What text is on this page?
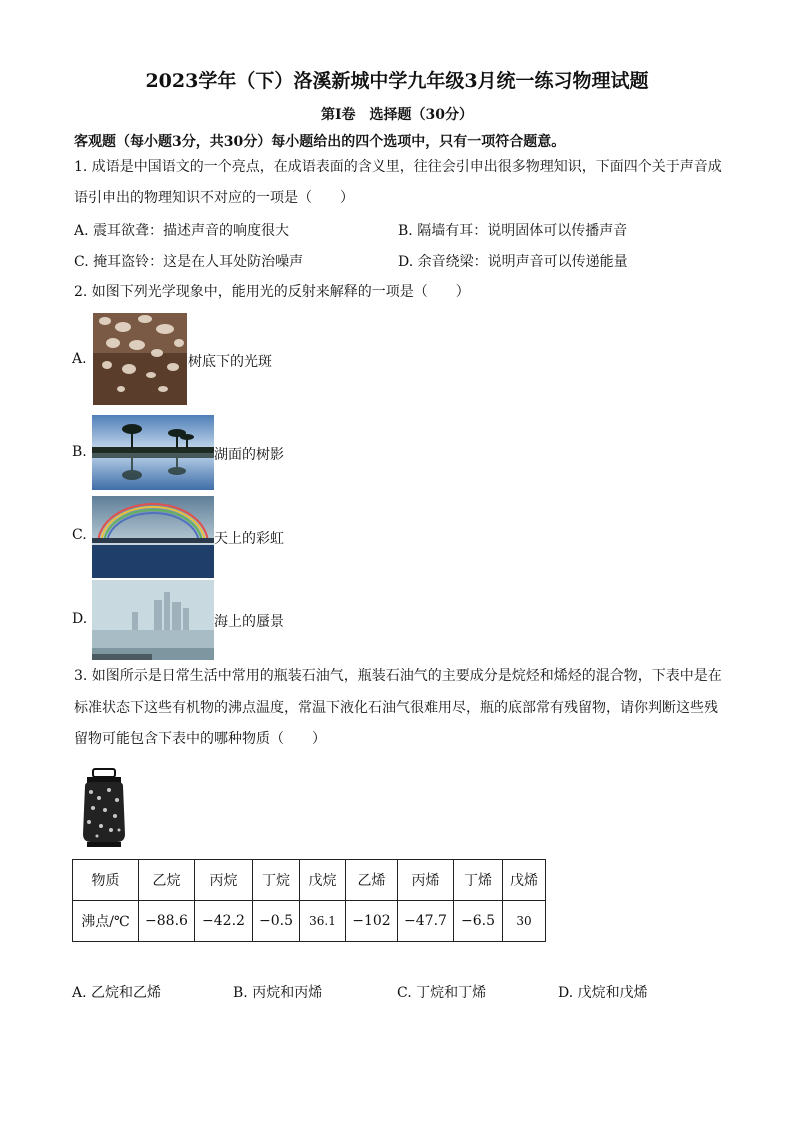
2023学年（下）洛溪新城中学九年级3月统一练习物理试题
第Ⅰ卷　选择题（30分）
客观题（每小题3分，共30分）每小题给出的四个选项中，只有一项符合题意。
1. 成语是中国语文的一个亮点，在成语表面的含义里，往往会引申出很多物理知识，下面四个关于声音成
语引申出的物理知识不对应的一项是（　　）
A. 震耳欲聋：描述声音的响度很大	B. 隔墙有耳：说明固体可以传播声音
C. 掩耳盗铃：这是在人耳处防治噪声	D. 余音绕梁：说明声音可以传递能量
2. 如图下列光学现象中，能用光的反射来解释的一项是（　　）
A.	树底下的光斑
B.	湖面的树影
C.	天上的彩虹
D.	海上的蜃景
3. 如图所示是日常生活中常用的瓶装石油气，瓶装石油气的主要成分是烷烃和烯烃的混合物，下表中是在
标准状态下这些有机物的沸点温度，常温下液化石油气很难用尽，瓶的底部常有残留物，请你判断这些残
留物可能包含下表中的哪种物质（　　）
物质	乙烷	丙烷	丁烷	戊烷	乙烯	丙烯	丁烯	戊烯
沸点/℃	−88.6	−42.2	−0.5	36.1	−102	−47.7	−6.5	30
A. 乙烷和乙烯	B. 丙烷和丙烯	C. 丁烷和丁烯	D. 戊烷和戊烯
